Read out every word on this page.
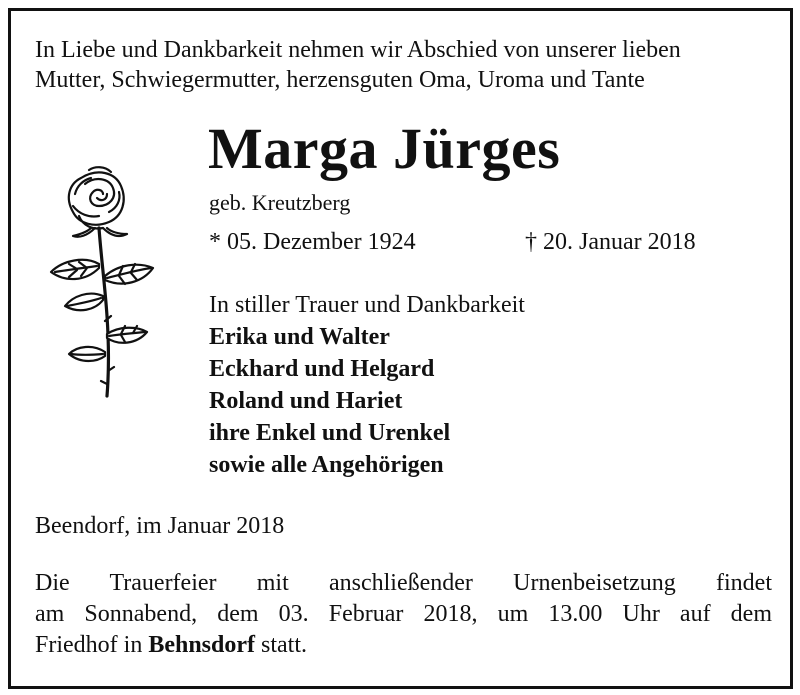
In Liebe und Dankbarkeit nehmen wir Abschied von unserer lieben
Mutter, Schwiegermutter, herzensguten Oma, Uroma und Tante
Marga Jürges
geb. Kreutzberg
* 05. Dezember 1924	† 20. Januar 2018
In stiller Trauer und Dankbarkeit
Erika und Walter
Eckhard und Helgard
Roland und Hariet
ihre Enkel und Urenkel
sowie alle Angehörigen
Beendorf, im Januar 2018
Die Trauerfeier mit anschließender Urnenbeisetzung findet
am Sonnabend, dem 03. Februar 2018, um 13.00 Uhr auf dem
Friedhof in Behnsdorf statt.
